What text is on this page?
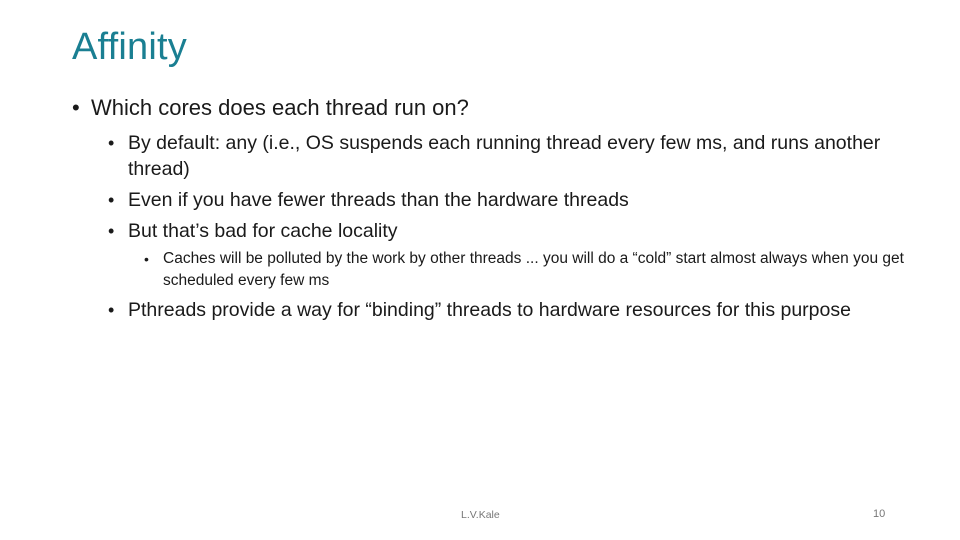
Affinity
• Which cores does each thread run on?
• By default: any (i.e., OS suspends each running thread every few ms, and runs another thread)
• Even if you have fewer threads than the hardware threads
• But that’s bad for cache locality
• Caches will be polluted by the work by other threads ... you will do a “cold” start almost always when you get scheduled every few ms
• Pthreads provide a way for “binding” threads to hardware resources for this purpose
L.V.Kale	10
